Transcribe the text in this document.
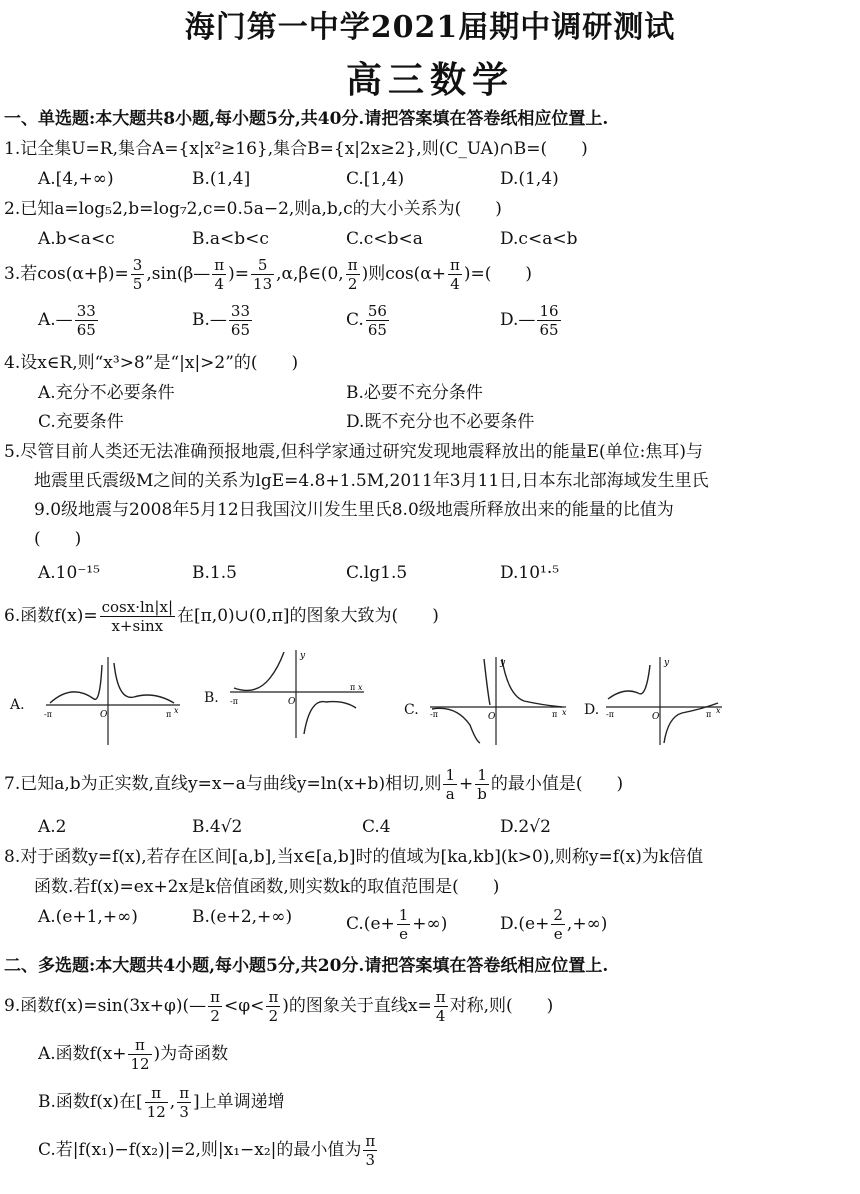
海门第一中学2021届期中调研测试
高三数学
一、单选题:本大题共8小题,每小题5分,共40分.请把答案填在答卷纸相应位置上.
1.记全集U=R,集合A={x|x²≥16},集合B={x|2x≥2},则(C_UA)∩B=(　　)
A.[4,+∞)	B.(1,4]	C.[1,4)	D.(1,4)
2.已知a=log₅2,b=log₇2,c=0.5a−2,则a,b,c的大小关系为(　　)
A.b<a<c	B.a<b<c	C.c<b<a	D.c<a<b
3.若$\cos(\alpha+\beta)= \frac{3}{5}$ ,sin(β— $\frac{\pi}{4}$ )= $\frac{5}{13}$ ,α,β∈(0, $\frac{\pi}{2}$ )则$\cos(\alpha+ \frac{\pi}{4}$ )=(　　)
A.— $\frac{33}{65}$	B.— $\frac{33}{65}$	C. $\frac{56}{65}$	D.— $\frac{16}{65}$
4.设x∈R,则“x³>8”是“|x|>2”的(　　)
A.充分不必要条件	B.必要不充分条件
C.充要条件	D.既不充分也不必要条件
5.尽管目前人类还无法准确预报地震,但科学家通过研究发现地震释放出的能量E(单位:焦耳)与
地震里氏震级M之间的关系为lgE=4.8+1.5M,2011年3月11日,日本东北部海域发生里氏
9.0级地震与2008年5月12日我国汶川发生里氏8.0级地震所释放出来的能量的比值为
(　　)
A.10⁻¹⁵	B.1.5	C.lg1.5	D.10¹·⁵
6.函数$f(x)= \frac{\cos x\cdot\ln|x|}{x+\sin x}$ 在[π,0)∪(0,π]的图象大致为(　　)
A.
O
-π	π x
B.
y
O
-π
π x
C.
y
O
-π	π x D.
y
O
-π	π x
7.已知a,b为正实数,直线y=x−a与曲线y=ln(x+b)相切,则 $\frac{1}{a} + \frac{1}{b}$ 的最小值是(　　)
A.2	B.4√2	C.4	D.2√2
8.对于函数y=f(x),若存在区间[a,b],当x∈[a,b]时的值域为[ka,kb](k>0),则称y=f(x)为k倍值
函数.若f(x)=ex+2x是k倍值函数,则实数k的取值范围是(　　)
A.(e+1,+∞)	B.(e+2,+∞)	$C.(e+ \frac{1}{e}$ +∞)	$D.(e+ \frac{2}{e}$ ,+∞)
二、多选题:本大题共4小题,每小题5分,共20分.请把答案填在答卷纸相应位置上.
9.函数f(x)=sin(3x+φ)(— $\frac{\pi}{2} <\varphi< \frac{\pi}{2}$ )的图象关于直线$x= \frac{\pi}{4}$ 对称,则(　　)
A.函数$f(x+ \frac{\pi}{12}$ )为奇函数
B.函数f(x)在[ $\frac{\pi}{12}$ , $\frac{\pi}{3}$ ]上单调递增
C.若|f(x₁)−f(x₂)|=2,则|x₁−x₂|的最小值为 $\frac{\pi}{3}$
